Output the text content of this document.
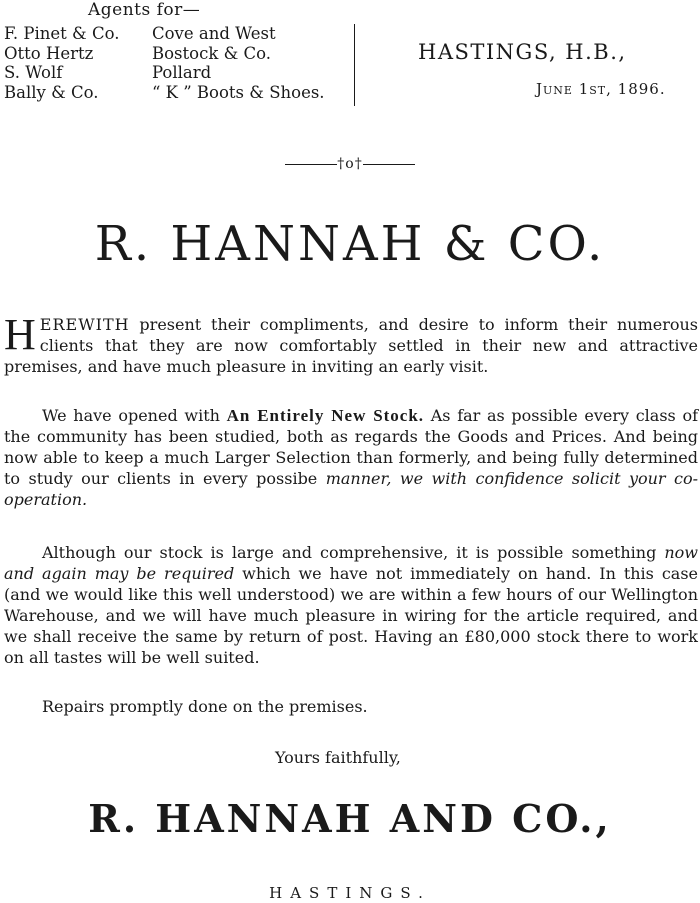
Agents for—
F. Pinet & Co.
Otto Hertz
S. Wolf
Bally & Co.
Cove and West
Bostock & Co.
Pollard
“ K ” Boots & Shoes.
HASTINGS, H.B.,
June 1st, 1896.
†o†
R. HANNAH & CO.
HEREWITH present their compliments, and desire to inform their numerous clients that they are now comfortably settled in their new and attractive premises, and have much pleasure in inviting an early visit.
We have opened with An Entirely New Stock. As far as possible every class of the community has been studied, both as regards the Goods and Prices. And being now able to keep a much Larger Selection than formerly, and being fully determined to study our clients in every possibe manner, we with confidence solicit your co-operation.
Although our stock is large and comprehensive, it is possible something now and again may be required which we have not immediately on hand. In this case (and we would like this well understood) we are within a few hours of our Wellington Warehouse, and we will have much pleasure in wiring for the article required, and we shall receive the same by return of post. Having an £80,000 stock there to work on all tastes will be well suited.
Repairs promptly done on the premises.
Yours faithfully,
R. HANNAH AND CO.,
HASTINGS.
